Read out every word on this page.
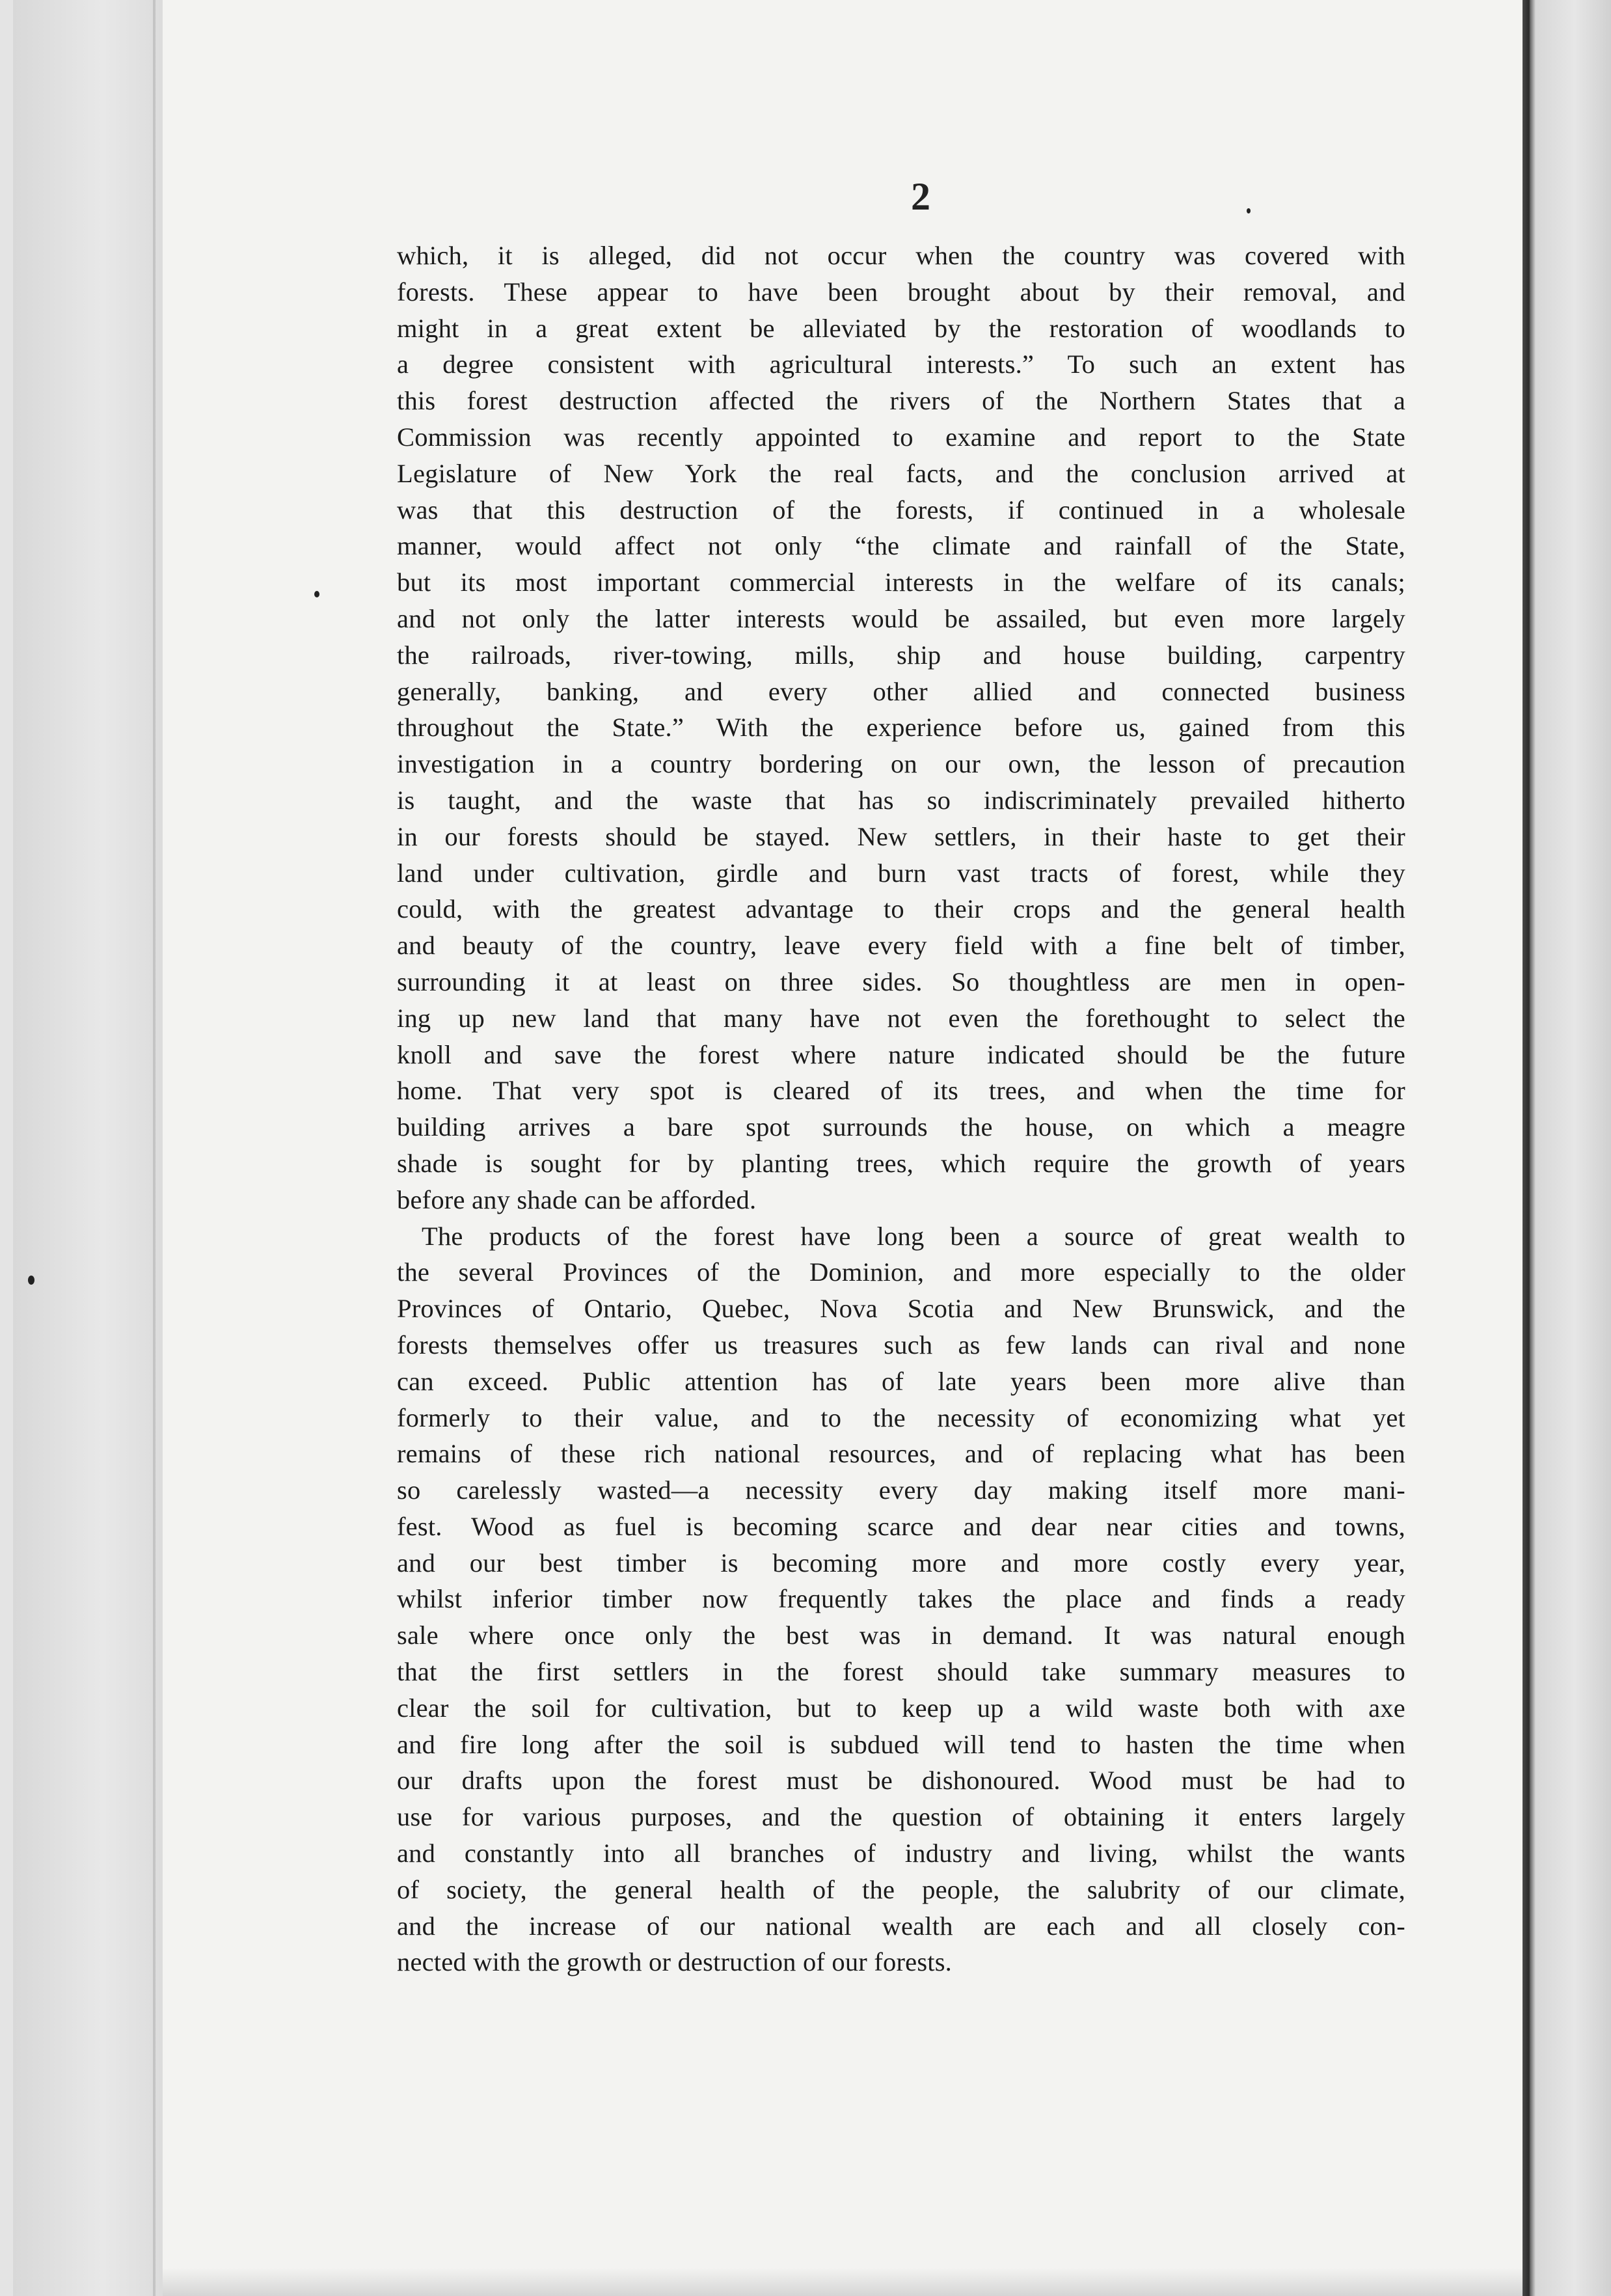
2
which, it is alleged, did not occur when the country was covered with
forests. These appear to have been brought about by their removal, and
might in a great extent be alleviated by the restoration of woodlands to
a degree consistent with agricultural interests.” To such an extent has
this forest destruction affected the rivers of the Northern States that a
Commission was recently appointed to examine and report to the State
Legislature of New York the real facts, and the conclusion arrived at
was that this destruction of the forests, if continued in a wholesale
manner, would affect not only “the climate and rainfall of the State,
but its most important commercial interests in the welfare of its canals;
and not only the latter interests would be assailed, but even more largely
the railroads, river-towing, mills, ship and house building, carpentry
generally, banking, and every other allied and connected business
throughout the State.” With the experience before us, gained from this
investigation in a country bordering on our own, the lesson of precaution
is taught, and the waste that has so indiscriminately prevailed hitherto
in our forests should be stayed. New settlers, in their haste to get their
land under cultivation, girdle and burn vast tracts of forest, while they
could, with the greatest advantage to their crops and the general health
and beauty of the country, leave every field with a fine belt of timber,
surrounding it at least on three sides. So thoughtless are men in open-
ing up new land that many have not even the forethought to select the
knoll and save the forest where nature indicated should be the future
home. That very spot is cleared of its trees, and when the time for
building arrives a bare spot surrounds the house, on which a meagre
shade is sought for by planting trees, which require the growth of years
before any shade can be afforded.
The products of the forest have long been a source of great wealth to
the several Provinces of the Dominion, and more especially to the older
Provinces of Ontario, Quebec, Nova Scotia and New Brunswick, and the
forests themselves offer us treasures such as few lands can rival and none
can exceed. Public attention has of late years been more alive than
formerly to their value, and to the necessity of economizing what yet
remains of these rich national resources, and of replacing what has been
so carelessly wasted—a necessity every day making itself more mani-
fest. Wood as fuel is becoming scarce and dear near cities and towns,
and our best timber is becoming more and more costly every year,
whilst inferior timber now frequently takes the place and finds a ready
sale where once only the best was in demand. It was natural enough
that the first settlers in the forest should take summary measures to
clear the soil for cultivation, but to keep up a wild waste both with axe
and fire long after the soil is subdued will tend to hasten the time when
our drafts upon the forest must be dishonoured. Wood must be had to
use for various purposes, and the question of obtaining it enters largely
and constantly into all branches of industry and living, whilst the wants
of society, the general health of the people, the salubrity of our climate,
and the increase of our national wealth are each and all closely con-
nected with the growth or destruction of our forests.
